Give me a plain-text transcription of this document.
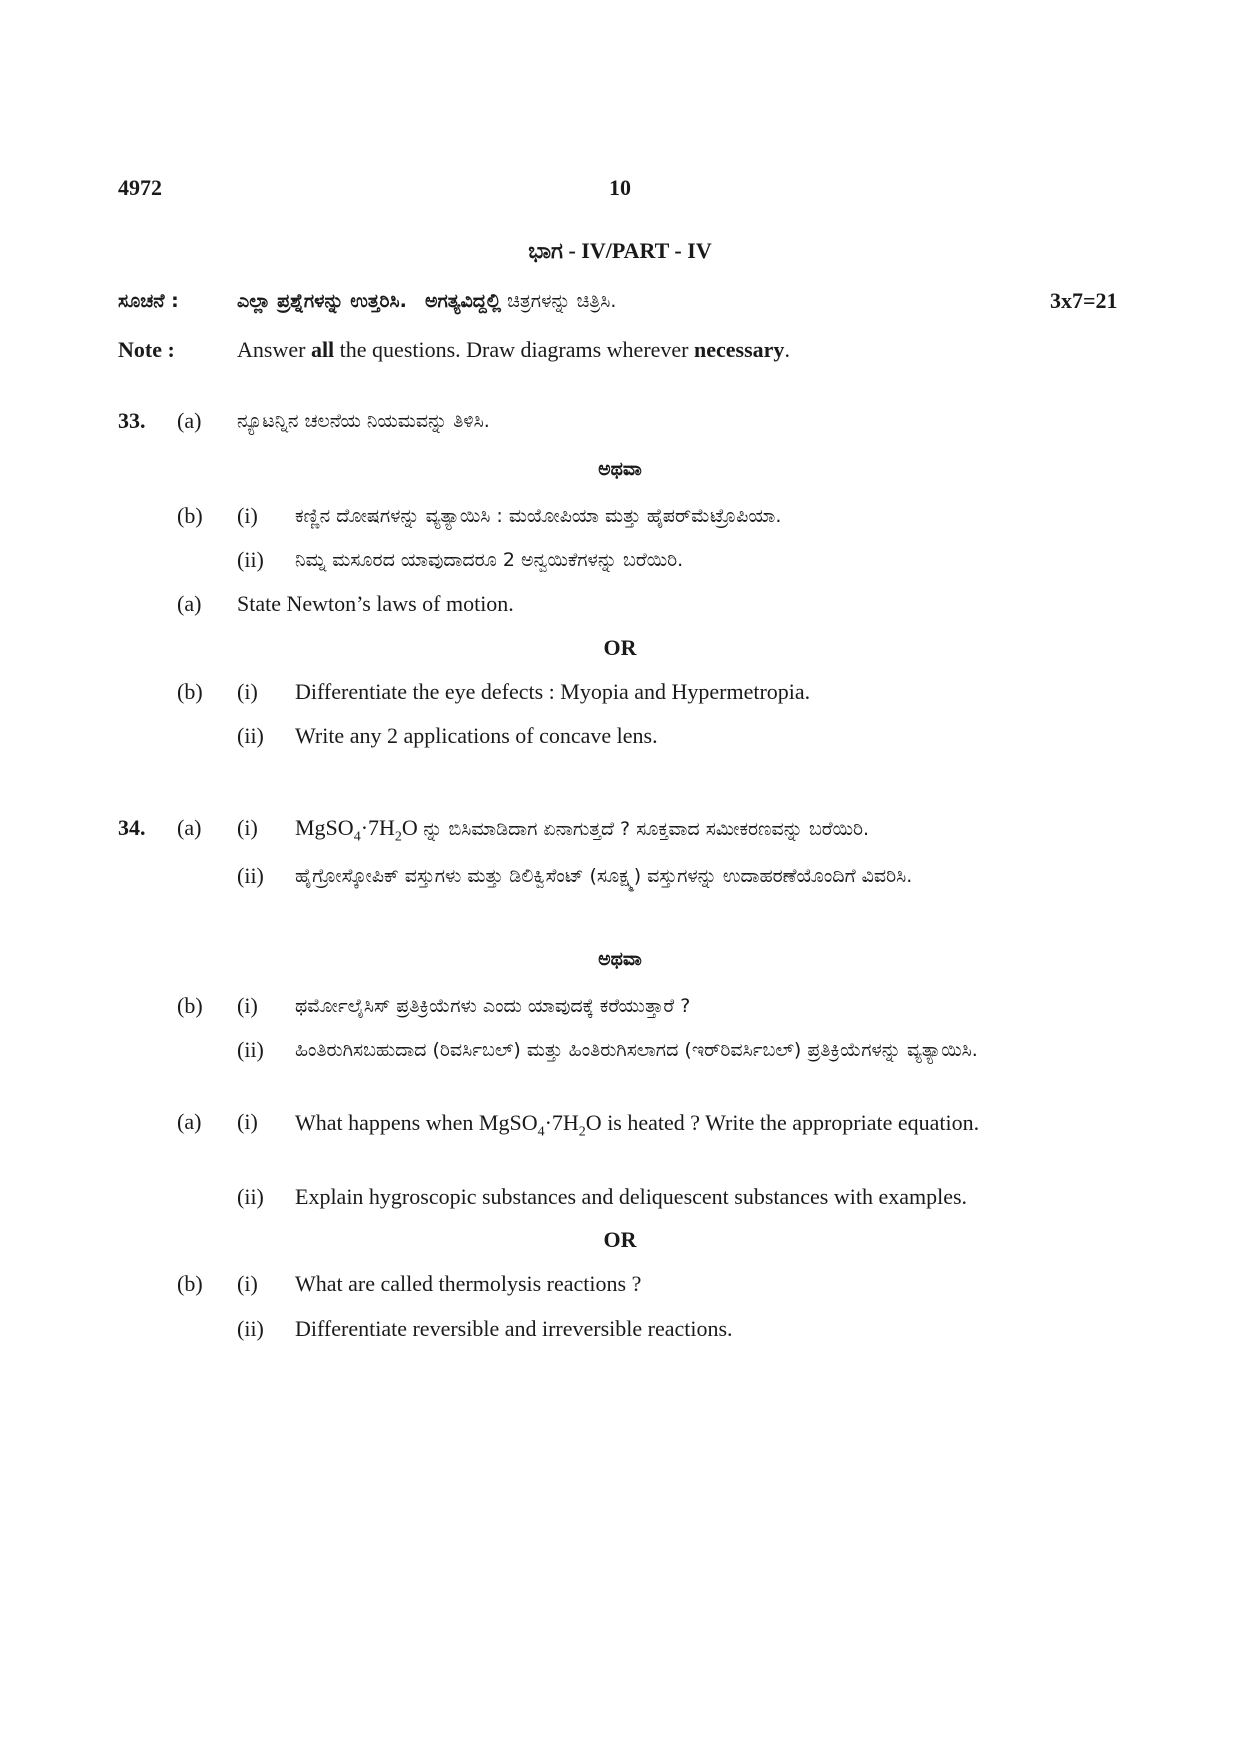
4972	10
ಭಾಗ - IV/PART - IV
ಸೂಚನೆ :	ಎಲ್ಲಾ ಪ್ರಶ್ನೆಗಳನ್ನು ಉತ್ತರಿಸಿ. ಅಗತ್ಯವಿದ್ದಲ್ಲಿ ಚಿತ್ರಗಳನ್ನು ಚಿತ್ರಿಸಿ.	3x7=21
Note :	Answer all the questions. Draw diagrams wherever necessary.
33. (a) ನ್ಯೂಟನ್ನಿನ ಚಲನೆಯ ನಿಯಮವನ್ನು ತಿಳಿಸಿ.
ಅಥವಾ
(b) (i) ಕಣ್ಣಿನ ದೋಷಗಳನ್ನು ವ್ಯತ್ಯಾಯಿಸಿ : ಮಯೋಪಿಯಾ ಮತ್ತು ಹೈಪರ್‌ಮೆಟ್ರೊಪಿಯಾ.
(ii) ನಿಮ್ನ ಮಸೂರದ ಯಾವುದಾದರೂ 2 ಅನ್ವಯಿಕೆಗಳನ್ನು ಬರೆಯಿರಿ.
(a) State Newton’s laws of motion.
OR
(b) (i) Differentiate the eye defects : Myopia and Hypermetropia.
(ii) Write any 2 applications of concave lens.
34. (a) (i) $MgSO_4\cdot 7H_2O$ ನ್ನು ಬಿಸಿಮಾಡಿದಾಗ ಏನಾಗುತ್ತದೆ ? ಸೂಕ್ತವಾದ ಸಮೀಕರಣವನ್ನು ಬರೆಯಿರಿ.
(ii) ಹೈಗ್ರೋಸ್ಕೋಪಿಕ್ ವಸ್ತುಗಳು ಮತ್ತು ಡಿಲಿಕ್ವಿಸೆಂಟ್ (ಸೂಕ್ಷ್ಮ) ವಸ್ತುಗಳನ್ನು ಉದಾಹರಣೆಯೊಂದಿಗೆ ವಿವರಿಸಿ.
ಅಥವಾ
(b) (i) ಥರ್ಮೋಲೈಸಿಸ್ ಪ್ರತಿಕ್ರಿಯೆಗಳು ಎಂದು ಯಾವುದಕ್ಕೆ ಕರೆಯುತ್ತಾರೆ ?
(ii) ಹಿಂತಿರುಗಿಸಬಹುದಾದ (ರಿವರ್ಸಿಬಲ್) ಮತ್ತು ಹಿಂತಿರುಗಿಸಲಾಗದ (ಇರ್‌ರಿವರ್ಸಿಬಲ್) ಪ್ರತಿಕ್ರಿಯೆಗಳನ್ನು ವ್ಯತ್ಯಾಯಿಸಿ.
(a) (i) What happens when $MgSO_4\cdot 7H_2O$ is heated ? Write the appropriate equation.
(ii) Explain hygroscopic substances and deliquescent substances with examples.
OR
(b) (i) What are called thermolysis reactions ?
(ii) Differentiate reversible and irreversible reactions.
